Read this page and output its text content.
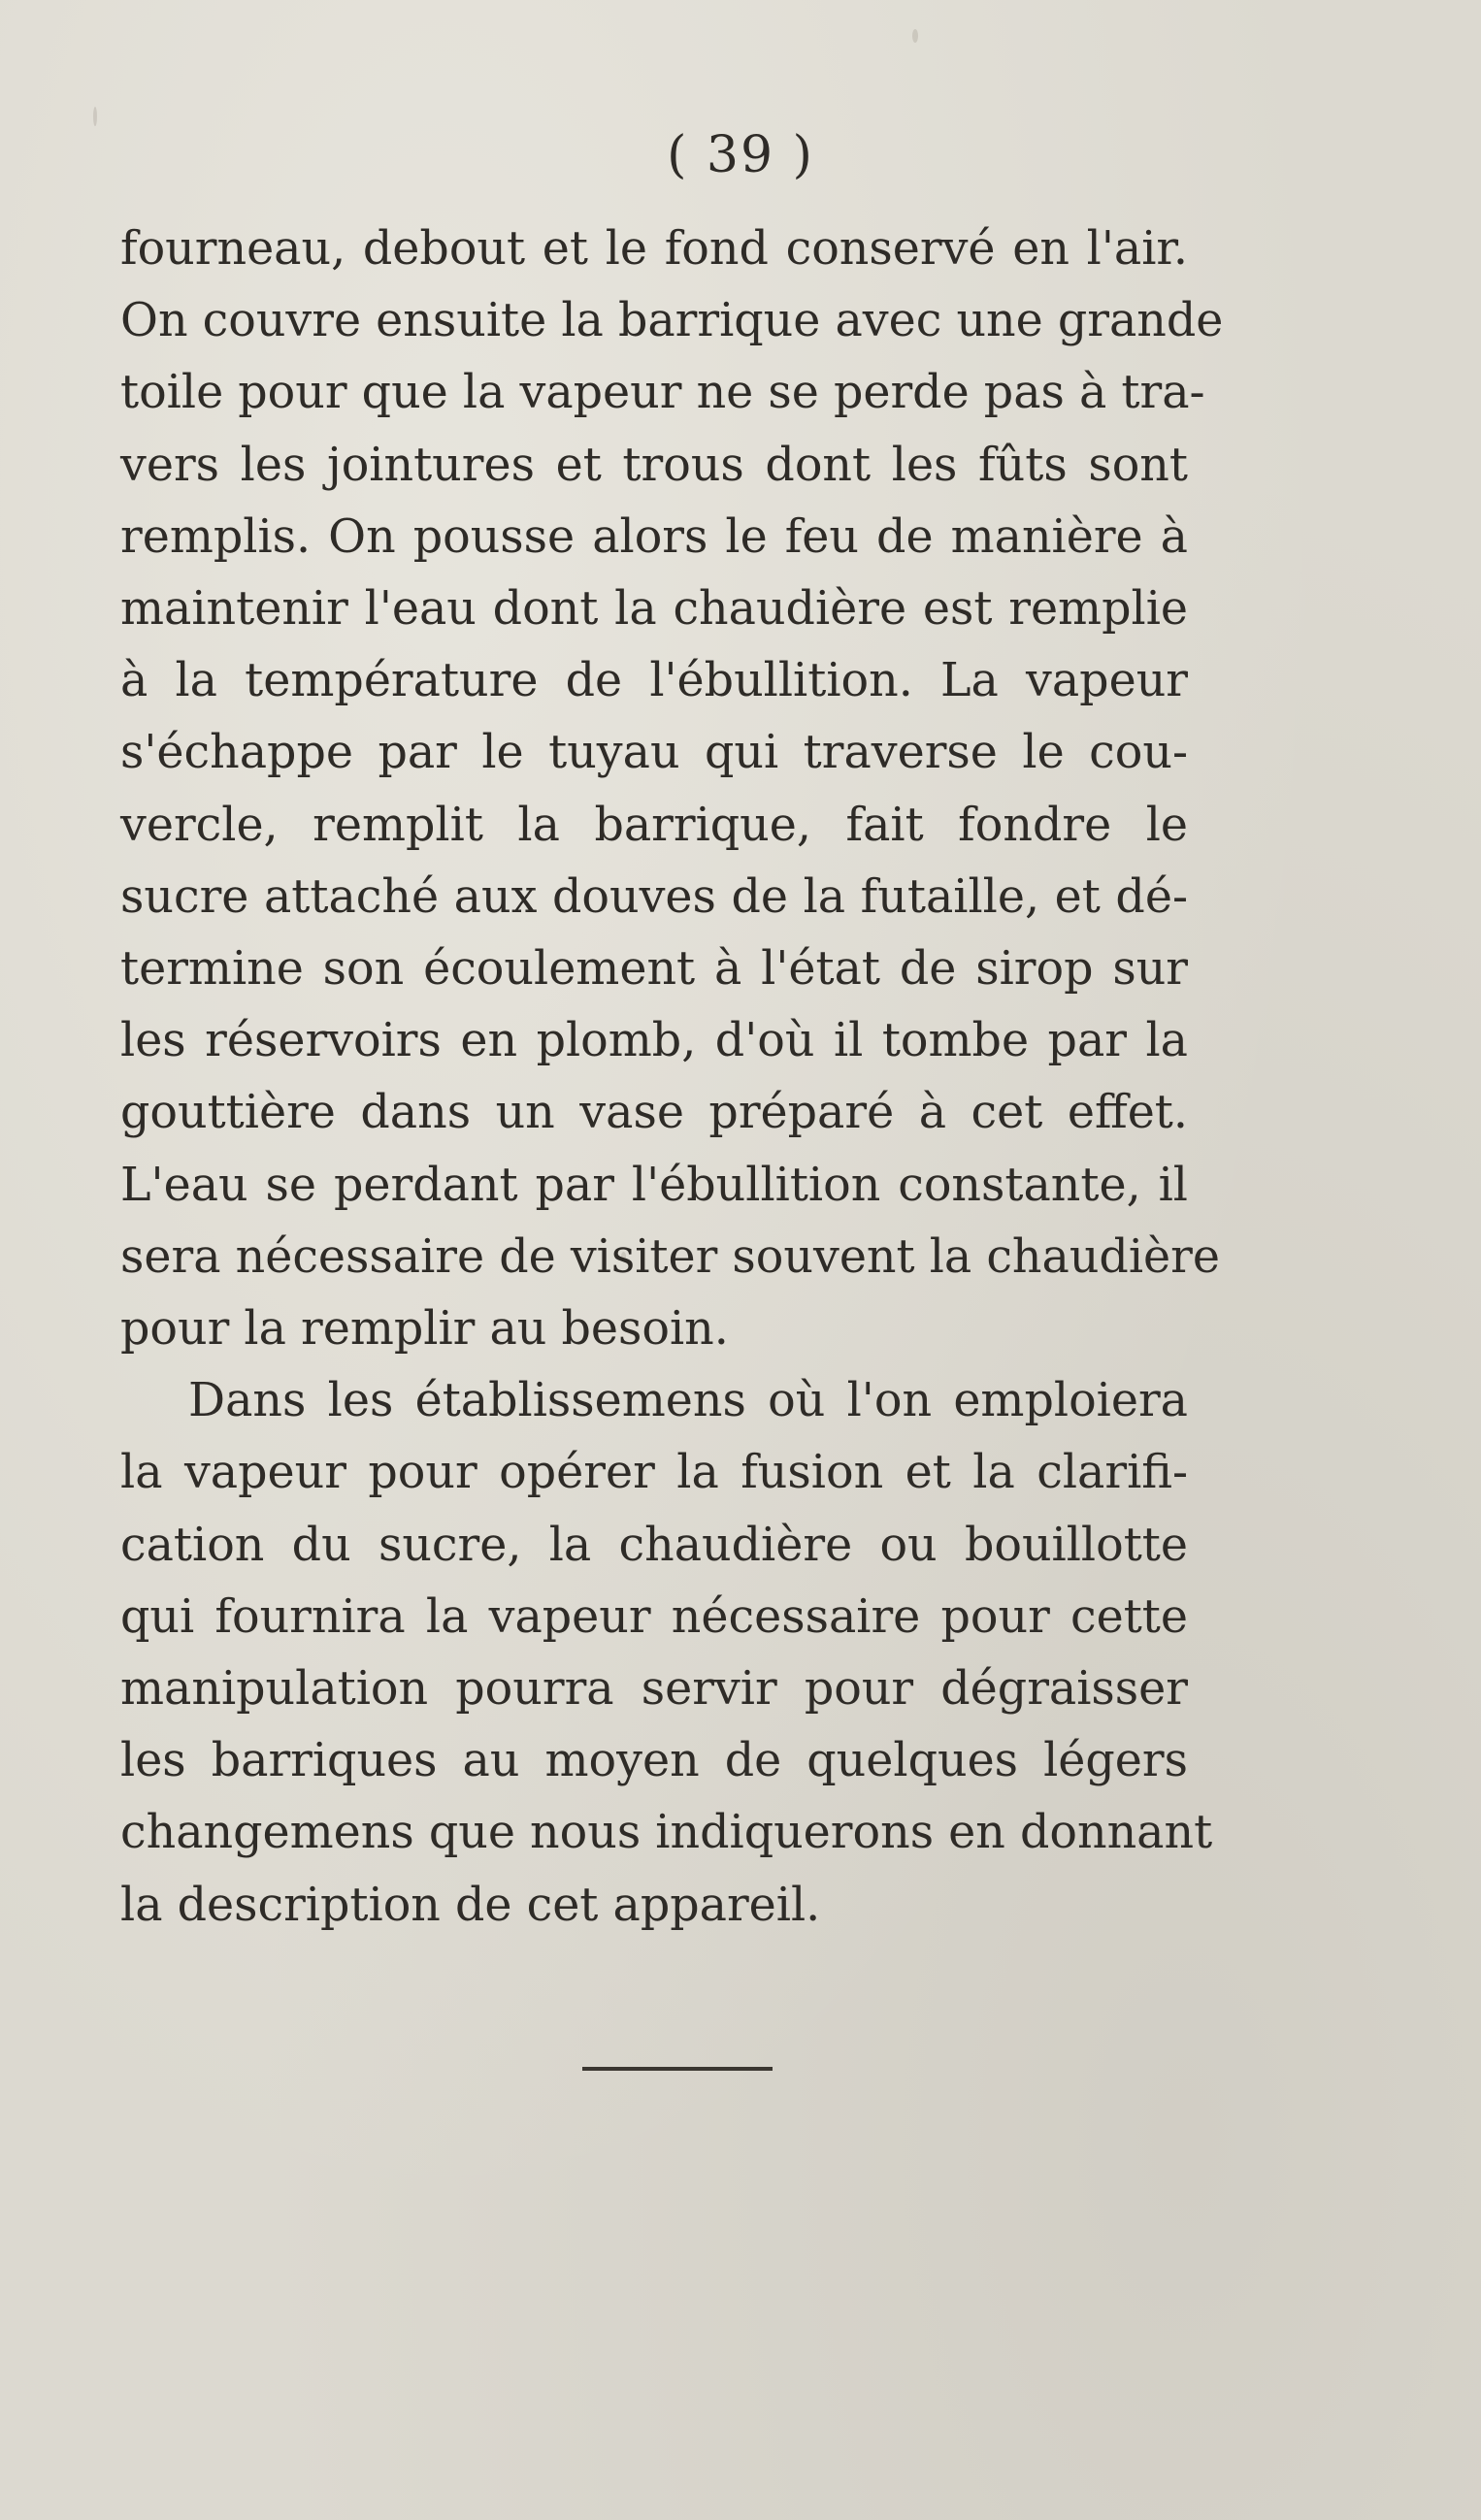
( 39 )
fourneau, debout et le fond conservé en l'air.
On couvre ensuite la barrique avec une grande
toile pour que la vapeur ne se perde pas à tra-
vers les jointures et trous dont les fûts sont
remplis. On pousse alors le feu de manière à
maintenir l'eau dont la chaudière est remplie
à la température de l'ébullition. La vapeur
s'échappe par le tuyau qui traverse le cou-
vercle, remplit la barrique, fait fondre le
sucre attaché aux douves de la futaille, et dé-
termine son écoulement à l'état de sirop sur
les réservoirs en plomb, d'où il tombe par la
gouttière dans un vase préparé à cet effet.
L'eau se perdant par l'ébullition constante, il
sera nécessaire de visiter souvent la chaudière
pour la remplir au besoin.
Dans les établissemens où l'on emploiera
la vapeur pour opérer la fusion et la clarifi-
cation du sucre, la chaudière ou bouillotte
qui fournira la vapeur nécessaire pour cette
manipulation pourra servir pour dégraisser
les barriques au moyen de quelques légers
changemens que nous indiquerons en donnant
la description de cet appareil.
